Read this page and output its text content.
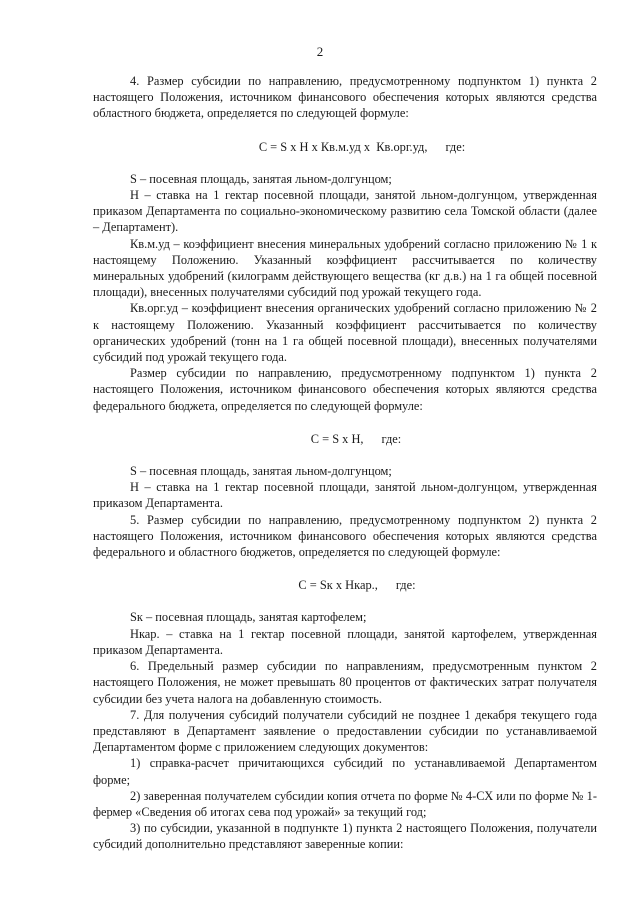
2

4. Размер субсидии по направлению, предусмотренному подпунктом 1) пункта 2 настоящего Положения, источником финансового обеспечения которых являются средства областного бюджета, определяется по следующей формуле:

С = S x Н x Кв.м.уд x  Кв.орг.уд, где:

S – посевная площадь, занятая льном-долгунцом;

Н – ставка на 1 гектар посевной площади, занятой льном-долгунцом, утвержденная приказом Департамента по социально-экономическому развитию села Томской области (далее – Департамент).

Кв.м.уд – коэффициент внесения минеральных удобрений согласно приложению № 1 к настоящему Положению. Указанный коэффициент рассчитывается по количеству минеральных удобрений (килограмм действующего вещества (кг д.в.) на 1 га общей посевной площади), внесенных получателями субсидий под урожай текущего года.

Кв.орг.уд – коэффициент внесения органических удобрений согласно приложению № 2 к настоящему Положению. Указанный коэффициент рассчитывается по количеству органических удобрений (тонн на 1 га общей посевной площади), внесенных получателями субсидий под урожай текущего года.

Размер субсидии по направлению, предусмотренному подпунктом 1) пункта 2 настоящего Положения, источником финансового обеспечения которых являются средства федерального бюджета, определяется по следующей формуле:

С = S x Н, где:

S – посевная площадь, занятая льном-долгунцом;

Н – ставка на 1 гектар посевной площади, занятой льном-долгунцом, утвержденная приказом Департамента.

5. Размер субсидии по направлению, предусмотренному подпунктом 2) пункта 2 настоящего Положения, источником финансового обеспечения которых являются средства федерального и областного бюджетов, определяется по следующей формуле:

С = Sк x Нкар., где:

Sк – посевная площадь, занятая картофелем;

Нкар. – ставка на 1 гектар посевной площади, занятой картофелем, утвержденная приказом Департамента.

6. Предельный размер субсидии по направлениям, предусмотренным пунктом 2 настоящего Положения, не может превышать 80 процентов от фактических затрат получателя субсидии без учета налога на добавленную стоимость.

7. Для получения субсидий получатели субсидий не позднее 1 декабря текущего года представляют в Департамент заявление о предоставлении субсидии по устанавливаемой Департаментом форме с приложением следующих документов:

1) справка-расчет причитающихся субсидий по устанавливаемой Департаментом форме;

2) заверенная получателем субсидии копия отчета по форме № 4-СХ или по форме № 1-фермер «Сведения об итогах сева под урожай» за текущий год;

3) по субсидии, указанной в подпункте 1) пункта 2 настоящего Положения, получатели субсидий дополнительно представляют заверенные копии:
